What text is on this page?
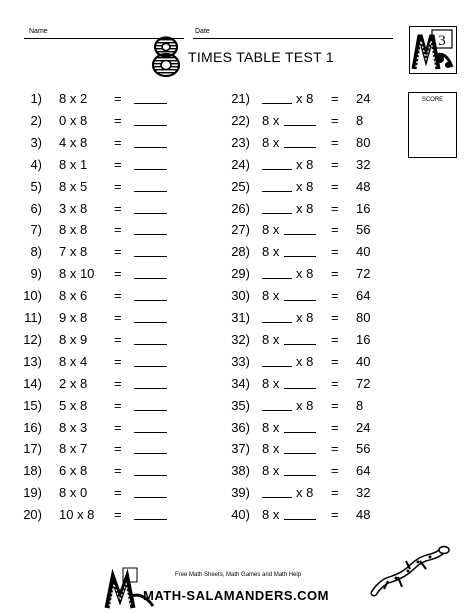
Name	Date
TIMES TABLE TEST 1
3
SCORE
1) 8 x 2 =
2) 0 x 8 =
3) 4 x 8 =
4) 8 x 1 =
5) 8 x 5 =
6) 3 x 8 =
7) 8 x 8 =
8) 7 x 8 =
9) 8 x 10 =
10) 8 x 6 =
11) 9 x 8 =
12) 8 x 9 =
13) 8 x 4 =
14) 2 x 8 =
15) 5 x 8 =
16) 8 x 3 =
17) 8 x 7 =
18) 6 x 8 =
19) 8 x 0 =
20) 10 x 8 =
21)	x 8 = 24
22) 8 x	= 8
23) 8 x	= 80
24)	x 8 = 32
25)	x 8 = 48
26)	x 8 = 16
27) 8 x	= 56
28) 8 x	= 40
29)	x 8 = 72
30) 8 x	= 64
31)	x 8 = 80
32) 8 x	= 16
33)	x 8 = 40
34) 8 x	= 72
35)	x 8 = 8
36) 8 x	= 24
37) 8 x	= 56
38) 8 x	= 64
39)	x 8 = 32
40) 8 x	= 48
Free Math Sheets, Math Games and Math Help
MATH-SALAMANDERS.COM
